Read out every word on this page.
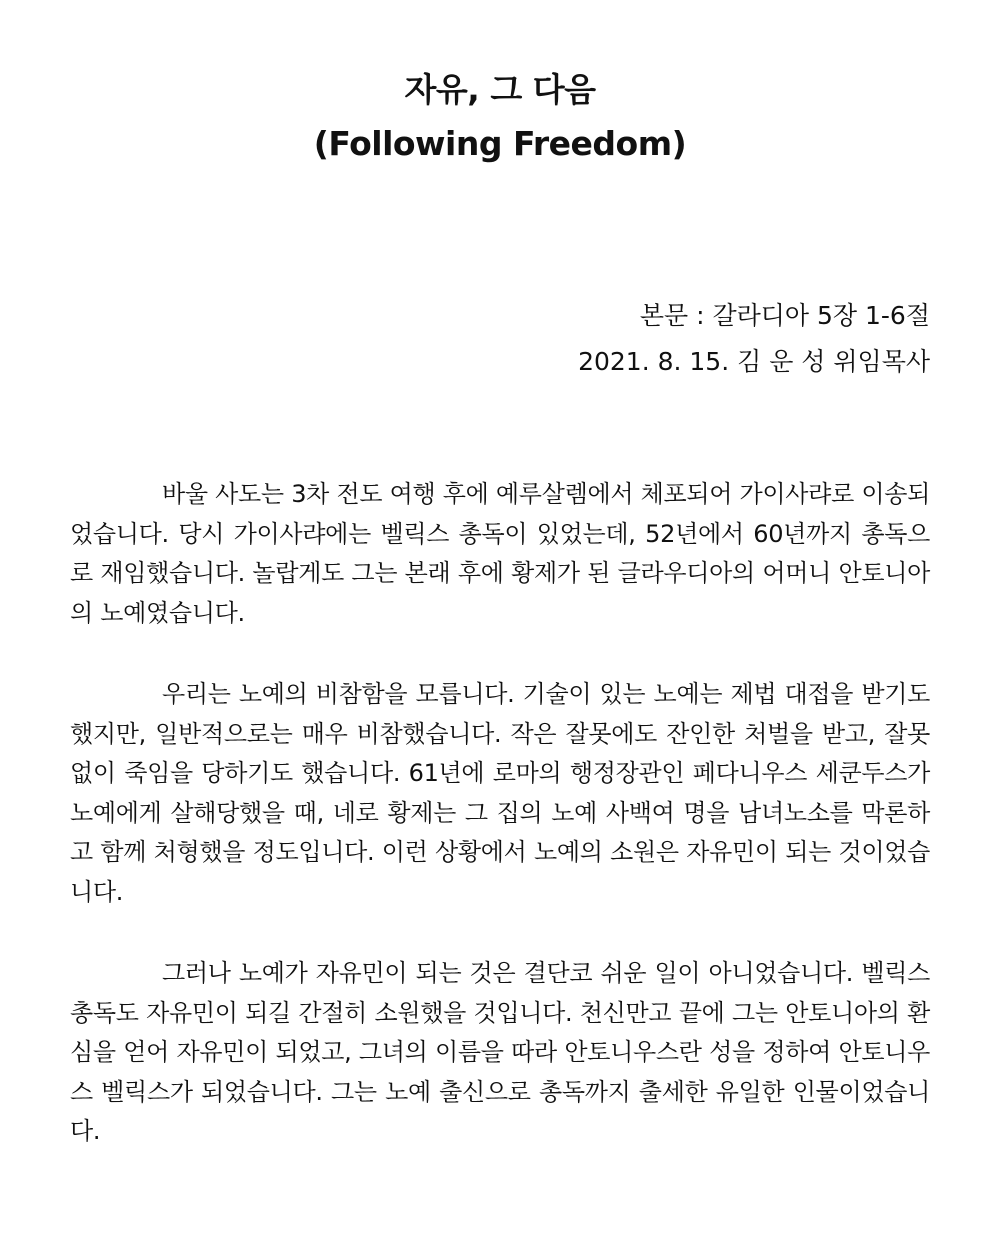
자유, 그 다음
(Following Freedom)

본문 : 갈라디아 5장 1-6절

2021. 8. 15. 김 운 성 위임목사

바울 사도는 3차 전도 여행 후에 예루살렘에서 체포되어 가이사랴로 이송되었습니다. 당시 가이사랴에는 벨릭스 총독이 있었는데, 52년에서 60년까지 총독으로 재임했습니다. 놀랍게도 그는 본래 후에 황제가 된 글라우디아의 어머니 안토니아의 노예였습니다.

우리는 노예의 비참함을 모릅니다. 기술이 있는 노예는 제법 대접을 받기도 했지만, 일반적으로는 매우 비참했습니다. 작은 잘못에도 잔인한 처벌을 받고, 잘못 없이 죽임을 당하기도 했습니다. 61년에 로마의 행정장관인 페다니우스 세쿤두스가 노예에게 살해당했을 때, 네로 황제는 그 집의 노예 사백여 명을 남녀노소를 막론하고 함께 처형했을 정도입니다. 이런 상황에서 노예의 소원은 자유민이 되는 것이었습니다.

그러나 노예가 자유민이 되는 것은 결단코 쉬운 일이 아니었습니다. 벨릭스 총독도 자유민이 되길 간절히 소원했을 것입니다. 천신만고 끝에 그는 안토니아의 환심을 얻어 자유민이 되었고, 그녀의 이름을 따라 안토니우스란 성을 정하여 안토니우스 벨릭스가 되었습니다. 그는 노예 출신으로 총독까지 출세한 유일한 인물이었습니다.
